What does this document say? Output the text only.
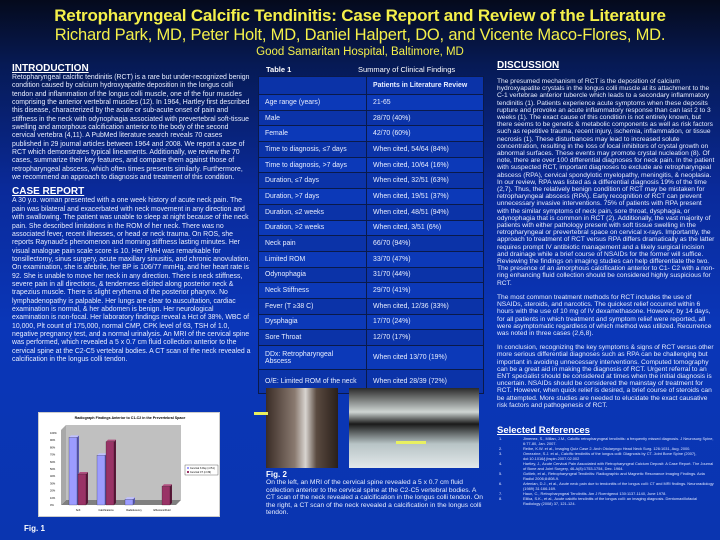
Retropharyngeal Calcific Tendinitis: Case Report and Review of the Literature
Richard Park, MD, Peter Holt, MD, Daniel Halpert, DO, and Vicente Maco-Flores, MD.
Good Samaritan Hospital, Baltimore, MD
INTRODUCTION
Retopharyngeal calcific tendinitis (RCT) is a rare but under-recognized benign condition caused by calcium hydroxyapatite deposition in the longus colli tendon and inflammation of the longus colli muscle, one of the four muscles comprising the anterior vertebral muscles (12). In 1964, Hartley first described this disease, characterized by the acute or sub-acute onset of pain and stiffness in the neck with odynophagia associated with prevertebral soft-tissue swelling and amorphous calcification anterior to the body of the second cervical vertebra (4,11). A PubMed literature search reveals 70 cases published in 29 journal articles between 1964 and 2008. We report a case of RCT which demonstrates typical lineaments. Additionally, we review the 70 cases, summarize their key features, and compare them against those of retropharyngeal abscess, which often times presents similarly. Furthermore, we recommend an approach to diagnosis and treatment of this condition.
CASE REPORT
A 30 y.o. woman presented with a one week history of acute neck pain. The pain was bilateral and exacerbated with neck movement in any direction and with swallowing. The patient was unable to sleep at night because of the neck pain. She described limitations in the ROM of her neck. There was no associated fever, recent illnesses, or head or neck trauma. On ROS, she reports Raynaud's phenomenon and morning stiffness lasting minutes. Her visual analogue pain scale score is 10. Her PMH was remarkable for tonsillectomy, sinus surgery, acute maxillary sinusitis, and chronic anovulation. On examination, she is afebrile, her BP is 106/77 mmHg, and her heart rate is 92. She is unable to move her neck in any direction. There is neck stiffness, severe pain in all directions, & tenderness elicited along posterior neck & trapezius muscle. There is slight erythema of the posterior pharynx. No lymphadenopathy is palpable. Her lungs are clear to auscultation, cardiac examination is normal, & her abdomen is benign. Her neurological examination is non-focal. Her laboratory findings reveal a Hct of 38%, WBC of 10,000, Plt count of 175,000, normal CMP, CPK level of 63, TSH of 1.0, negative pregnancy test, and a normal urinalysis. An MRI of the cervical spine was performed, which revealed a 5 x 0.7 cm fluid collection anterior to the cervical spine at the C2-C5 vertebral bodies. A CT scan of the neck revealed a calcification in the longus colli tendon.
Radiograph Findings Anterior to C1-C2 in the Prevertebral Space
0%
10%
20%
30%
40%
50%
60%
70%
80%
90%
100%
Soft	Calcifications	Radiolucency	Effusions/Fluid
Cervical X-Ray (n=51)
Cervical CT (n=39)
Fig. 1
Table 1	Summary of Clinical Findings
	Patients in Literature Review
Age range (years)	21-65
Male	28/70 (40%)
Female	42/70 (60%)
Time to diagnosis, ≤7 days	When cited, 54/64 (84%)
Time to diagnosis, >7 days	When cited, 10/64 (16%)
Duration, ≤7 days	When cited, 32/51 (63%)
Duration, >7 days	When cited, 19/51 (37%)
Duration, ≤2 weeks	When cited, 48/51 (94%)
Duration, >2 weeks	When cited, 3/51 (6%)
Neck pain	66/70 (94%)
Limited ROM	33/70 (47%)
Odynophagia	31/70 (44%)
Neck Stiffness	29/70 (41%)
Fever (T ≥38 C)	When cited, 12/36 (33%)
Dysphagia	17/70 (24%)
Sore Throat	12/70 (17%)
DDx: Retropharyngeal Abscess	When cited 13/70 (19%)
O/E: Limited ROM of the neck	When cited 28/39 (72%)
Fig. 2
On the left, an MRI of the cervical spine revealed a 5 x 0.7 cm fluid collection anterior to the cervical spine at the C2-C5 vertebral bodies. A CT scan of the neck revealed a calcification in the longus colli tendon. On the right, a CT scan of the neck revealed a calcification in the longus colli tendon.
DISCUSSION
The presumed mechanism of RCT is the deposition of calcium hydroxyapatite crystals in the longus colli muscle at its attachment to the C-1 vertebrae anterior tubercle which leads to a secondary inflammatory tendinitis (1). Patients experience acute symptoms when these deposits rupture and provoke an acute inflammatory response than can last 2 to 3 weeks (1). The exact cause of this condition is not entirely known, but there seems to be genetic & metabolic components as well as risk factors such as repetitive trauma, recent injury, ischemia, inflammation, or tissue necrosis (1). These disturbances may lead to increased solute concentration, resulting in the loss of local inhibitors of crystal growth on abnormal surfaces. These events may promote crystal nucleation (8). Of note, there are over 100 differential diagnoses for neck pain. In the patient with suspected RCT, important diagnoses to exclude are retropharyngeal abscess (RPA), cervical spondylotic myelopathy, meningitis, & neoplasia. In our review, RPA was listed as a differential diagnosis 19% of the time (2,7). Thus, the relatively benign condition of RCT may be mistaken for retropharyngeal abscess (RPA). Early recognition of RCT can prevent unnecessary invasive interventions. 75% of patients with RPA present with the similar symptoms of neck pain, sore throat, dysphagia, or odynophagia that is common in RCT (2). Additionally, the vast majority of patients with either pathology present with soft tissue swelling in the retropharyngeal or prevertebral space on cervical x-rays. Importantly, the approach to treatment of RCT versus RPA differs dramatically as the latter requires prompt IV antibiotic management and a likely surgical incision and drainage while a brief course of NSAIDs for the former will suffice. Reviewing the findings on imaging studies can help differentiate the two. The presence of an amorphous calcification anterior to C1- C2 with a non-ring enhancing fluid collection should be considered highly suspicious for RCT.
The most common treatment methods for RCT includes the use of NSAIDs, steroids, and narcotics. The quickest relief occurred within 6 hours with the use of 10 mg of IV dexamethasone. However, by 14 days, for all patients in which treatment and symptom relief were reported, all were asymptomatic regardless of which method was utilized. Recurrence was noted in three cases (2,6,8).
In conclusion, recognizing the key symptoms & signs of RCT versus other more serious differential diagnoses such as RPA can be challenging but important in avoiding unnecessary interventions. Computed tomography can be a great aid in making the diagnosis of RCT. Urgent referral to an ENT specialist should be considered at times when the initial diagnosis is uncertain. NSAIDs should be considered the mainstay of treatment for RCT. However, when quick relief is desired, a brief course of steroids can be attempted. More studies are needed to elucidate the exact causative risk factors and pathogenesis of RCT.
Selected References
1.	Jimenez, S., Millan, J.M., Calcific retropharyngeal tendinitis: a frequently missed diagnosis. J Neurosurg Spine, 6:77-80, Jan. 2007.
2.	Reibe, K.W. et al., Imaging Quiz Case 2. Arch Otolaryngo Head Neck Surg. 126:1031, Aug. 2000.
3.	Omezzine, S.J. et al., Calcific tendinitis of the longus colli: Diagnosis by CT. Joint Bone Spine (2007), doi:10.1016/j.jbspin.2007.02.002
4.	Hartley, J., Acute Cervical Pain Associated with Retropharyngeal Calcium Deposit: A Case Report. The Journal of Bone and Joint Surgery, 46-A(8):1753-1754, Dec. 1964.
5.	Gotlieb, et al., Retropharyngeal Tendinitis: Radiographic and Magnetic Resonance Imaging Findings. Acta Radiol 2006;8:808-9.
6.	Artenian, D.J., et al., Acute neck pain due to tendonitis of the longus colli: CT and MRI findings. Neuroradiology (1989) 31:166-169.
7.	Haun, C., Retropharyngeal Tendinitis. Am J Roentgenol 130:1137-1140, June 1978.
8.	Eliika, S.K., et al., Acute calcific tendinitis of the longus colli: an imaging diagnosis. Dentomaxillofacial Radiology (2008) 37, 121-124.
